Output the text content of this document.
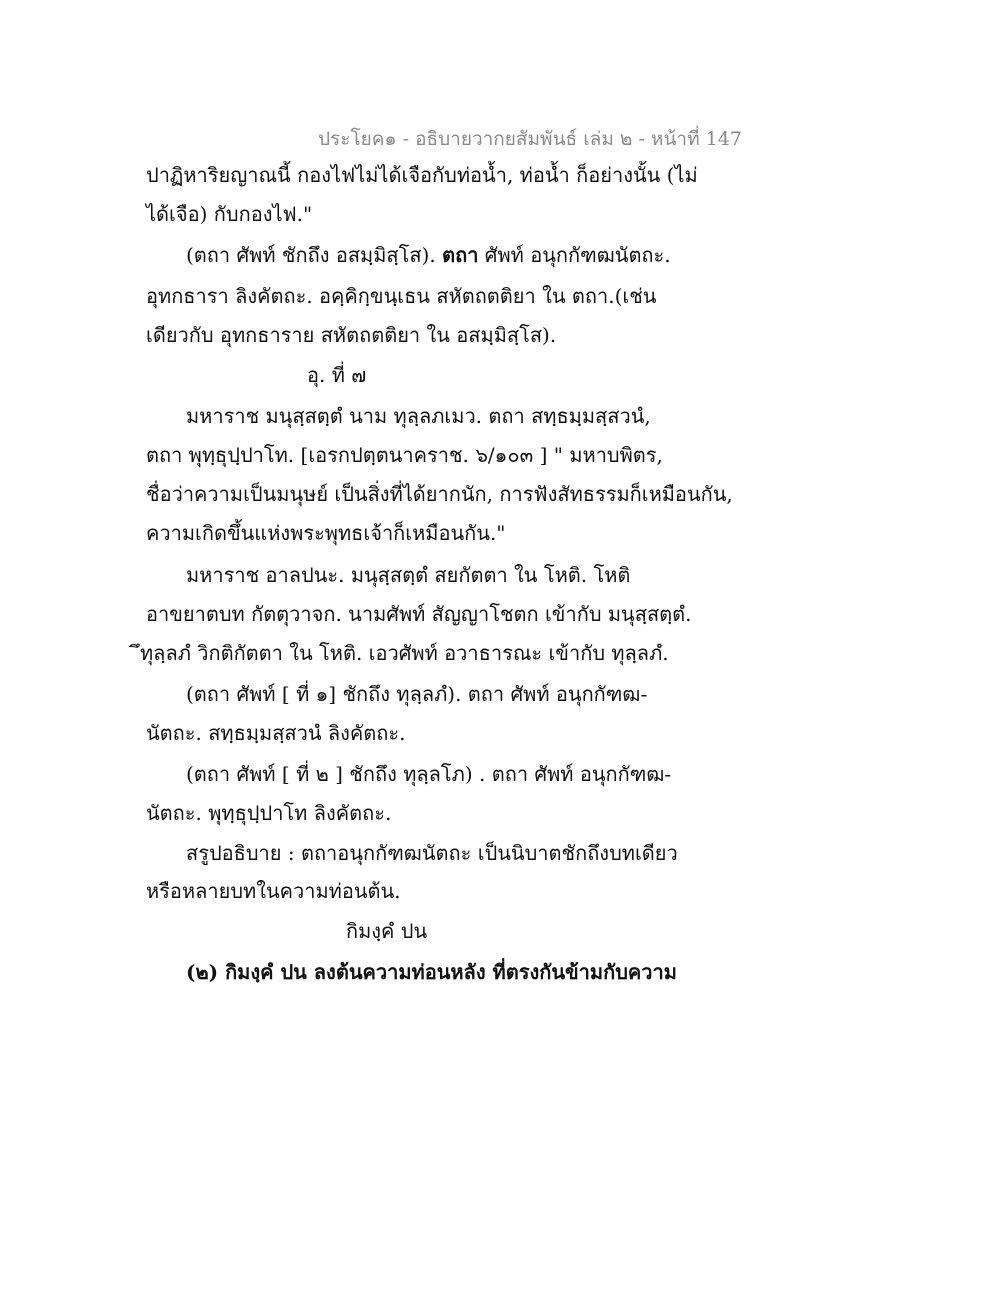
ประโยค๑ - อธิบายวากยสัมพันธ์ เล่ม ๒ - หน้าที่ 147
ปาฏิหาริยญาณนี้ กองไฟไม่ได้เจือกับท่อน้ำ, ท่อน้ำ ก็อย่างนั้น (ไม่
ได้เจือ) กับกองไฟ."
(ตถา ศัพท์ ชักถึง อสมฺมิสฺโส). ตถา ศัพท์ อนุกกัฑฒนัตถะ.
อุทกธารา ลิงคัตถะ. อคฺคิกฺขนฺเธน สหัตถตติยา ใน ตถา.(เช่น
เดียวกับ อุทกธาราย สหัตถตติยา ใน อสมฺมิสฺโส).
อุ. ที่ ๗
มหาราช มนุสฺสตฺตํ นาม ทุลฺลภเมว. ตถา สทฺธมฺมสฺสวนํ,
ตถา พุทฺธุปฺปาโท. [เอรกปตฺตนาคราช. ๖/๑๐๓ ] " มหาบพิตร,
ชื่อว่าความเป็นมนุษย์ เป็นสิ่งที่ได้ยากนัก, การฟังสัทธรรมก็เหมือนกัน,
ความเกิดขึ้นแห่งพระพุทธเจ้าก็เหมือนกัน."
มหาราช อาลปนะ. มนุสฺสตฺตํ สยกัตตา ใน โหติ. โหติ
อาขยาตบท กัตตุวาจก. นามศัพท์ สัญญาโชตก เข้ากับ มนุสฺสตฺตํ.
ึทุลฺลภํ วิกติกัตตา ใน โหติ. เอวศัพท์ อวาธารณะ เข้ากับ ทุลฺลภํ.
(ตถา ศัพท์ [ ที่ ๑] ชักถึง ทุลฺลภํ). ตถา ศัพท์ อนุกกัฑฒ-
นัตถะ. สทฺธมฺมสฺสวนํ ลิงคัตถะ.
(ตถา ศัพท์ [ ที่ ๒ ] ชักถึง ทุลฺลโภ) . ตถา ศัพท์ อนุกกัฑฒ-
นัตถะ. พุทฺธุปฺปาโท ลิงคัตถะ.
สรูปอธิบาย : ตถาอนุกกัฑฒนัตถะ เป็นนิบาตชักถึงบทเดียว
หรือหลายบทในความท่อนต้น.
กิมงฺคํ ปน
(๒) กิมงฺคํ ปน ลงต้นความท่อนหลัง ที่ตรงกันข้ามกับความ
